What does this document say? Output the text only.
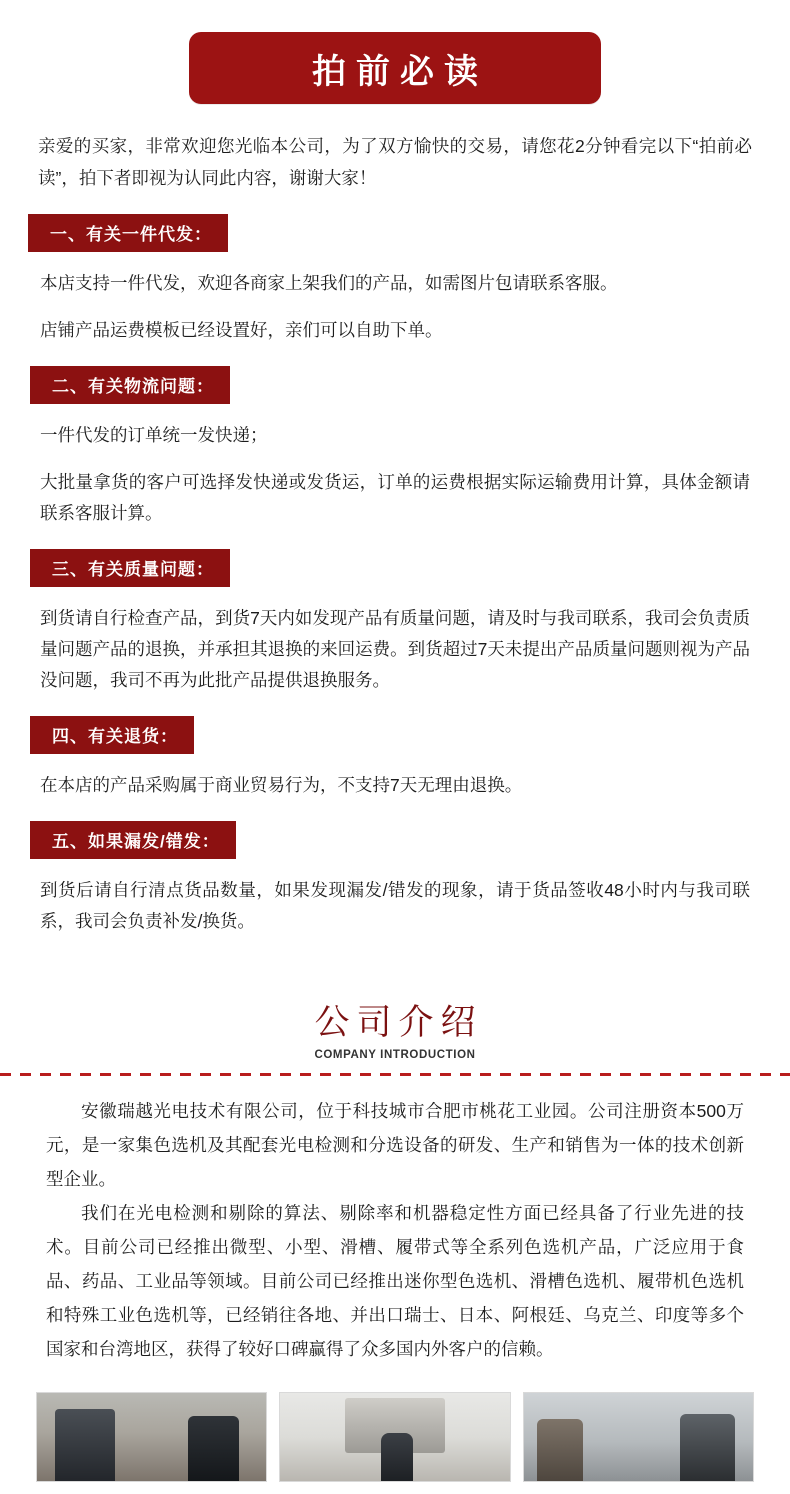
拍前必读
亲爱的买家，非常欢迎您光临本公司，为了双方愉快的交易，请您花2分钟看完以下“拍前必读”，拍下者即视为认同此内容，谢谢大家！
一、有关一件代发：
本店支持一件代发，欢迎各商家上架我们的产品，如需图片包请联系客服。
店铺产品运费模板已经设置好，亲们可以自助下单。
二、有关物流问题：
一件代发的订单统一发快递；
大批量拿货的客户可选择发快递或发货运，订单的运费根据实际运输费用计算，具体金额请联系客服计算。
三、有关质量问题：
到货请自行检查产品，到货7天内如发现产品有质量问题，请及时与我司联系，我司会负责质量问题产品的退换，并承担其退换的来回运费。到货超过7天未提出产品质量问题则视为产品没问题，我司不再为此批产品提供退换服务。
四、有关退货：
在本店的产品采购属于商业贸易行为，不支持7天无理由退换。
五、如果漏发/错发：
到货后请自行清点货品数量，如果发现漏发/错发的现象，请于货品签收48小时内与我司联系，我司会负责补发/换货。
公司介绍
COMPANY INTRODUCTION

安徽瑞越光电技术有限公司，位于科技城市合肥市桃花工业园。公司注册资本500万元，是一家集色选机及其配套光电检测和分选设备的研发、生产和销售为一体的技术创新型企业。

我们在光电检测和剔除的算法、剔除率和机器稳定性方面已经具备了行业先进的技术。目前公司已经推出微型、小型、滑槽、履带式等全系列色选机产品，广泛应用于食品、药品、工业品等领域。目前公司已经推出迷你型色选机、滑槽色选机、履带机色选机和特殊工业色选机等，已经销往各地、并出口瑞士、日本、阿根廷、乌克兰、印度等多个国家和台湾地区，获得了较好口碑赢得了众多国内外客户的信赖。
